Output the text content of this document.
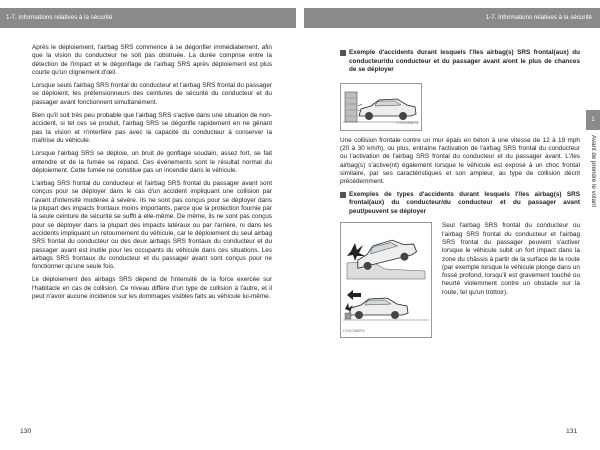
1-7. Informations relatives à la sécurité	1-7. Informations relatives à la sécurité

Après le déploiement, l'airbag SRS commence à se dégonfler immédiatement, afin que la vision du conducteur ne soit pas obstruée. La durée comprise entre la détection de l'impact et le dégonflage de l'airbag SRS après déploiement est plus courte qu'un clignement d'œil.

Lorsque seuls l'airbag SRS frontal du conducteur et l'airbag SRS frontal du passager se déploient, les prétensionneurs des ceintures de sécurité du conducteur et du passager avant fonctionnent simultanément.

Bien qu'il soit très peu probable que l'airbag SRS s'active dans une situation de non-accident, si tel ces se produit, l'airbag SRS se dégonfle rapidement en ne gênant pas la vision et n'interfère pas avec la capacité du conducteur à conserver la maîtrise du véhicule.

Lorsque l'airbag SRS se déploie, un bruit de gonflage soudain, assez fort, se fait entendre et de la fumée se répand. Ces événements sont le résultat normal du déploiement. Cette fumée ne constitue pas un incendie dans le véhicule.

L'airbag SRS frontal du conducteur et l'airbag SRS frontal du passager avant sont conçus pour se déployer dans le cas d'un accident impliquant une collision par l'avant d'intensité modérée à sévère. Ils ne sont pas conçus pour se déployer dans la plupart des impacts frontaux moins importants, parce que la protection fournie par la seule ceinture de sécurité se suffit à elle-même. De même, ils ne sont pas conçus pour se déployer dans la plupart des impacts latéraux ou par l'arrière, ni dans les accidents impliquant un retournement du véhicule, car le déploiement du seul airbag SRS frontal du conducteur ou des deux airbags SRS frontaux du conducteur et du passager avant est inutile pour les occupants du véhicule dans ces situations. Les airbags SRS frontaux du conducteur et du passager avant sont conçus pour ne fonctionner qu'une seule fois.

Le déploiement des airbags SRS dépend de l'intensité de la force exercée sur l'habitacle en cas de collision. Ce niveau diffère d'un type de collision à l'autre, et il peut n'avoir aucune incidence sur les dommages visibles faits au véhicule lui-même.

Exemple d'accidents durant lesquels l'/les airbag(s) SRS frontal(aux) du conducteur/du conducteur et du passager avant a/ont le plus de chances de se déployer
CTH17AM073

Une collision frontale contre un mur épais en béton à une vitesse de 12 à 19 mph (20 à 30 km/h), ou plus, entraîne l'activation de l'airbag SRS frontal du conducteur ou l'activation de l'airbag SRS frontal du conducteur et du passager avant. L'/les airbag(s) s'active(nt) également lorsque le véhicule est exposé à un choc frontal similaire, par ses caractéristiques et son ampleur, au type de collision décrit précédemment.

Exemples de types d'accidents durant lesquels l'/les airbag(s) SRS frontal(aux) du conducteur/du conducteur et du passager avant peut/peuvent se déployer
CTH17AM074
Seul l'airbag SRS frontal du conducteur ou l'airbag SRS frontal du conducteur et l'airbag SRS frontal du passager peuvent s'activer lorsque le véhicule subit un fort impact dans la zone du châssis à partir de la surface de la route (par exemple lorsque le véhicule plonge dans un fossé profond, lorsqu'il est gravement touché ou heurté violemment contre un obstacle sur la route, tel qu'un trottoir).
1
Avant de prendre le volant
130	131
